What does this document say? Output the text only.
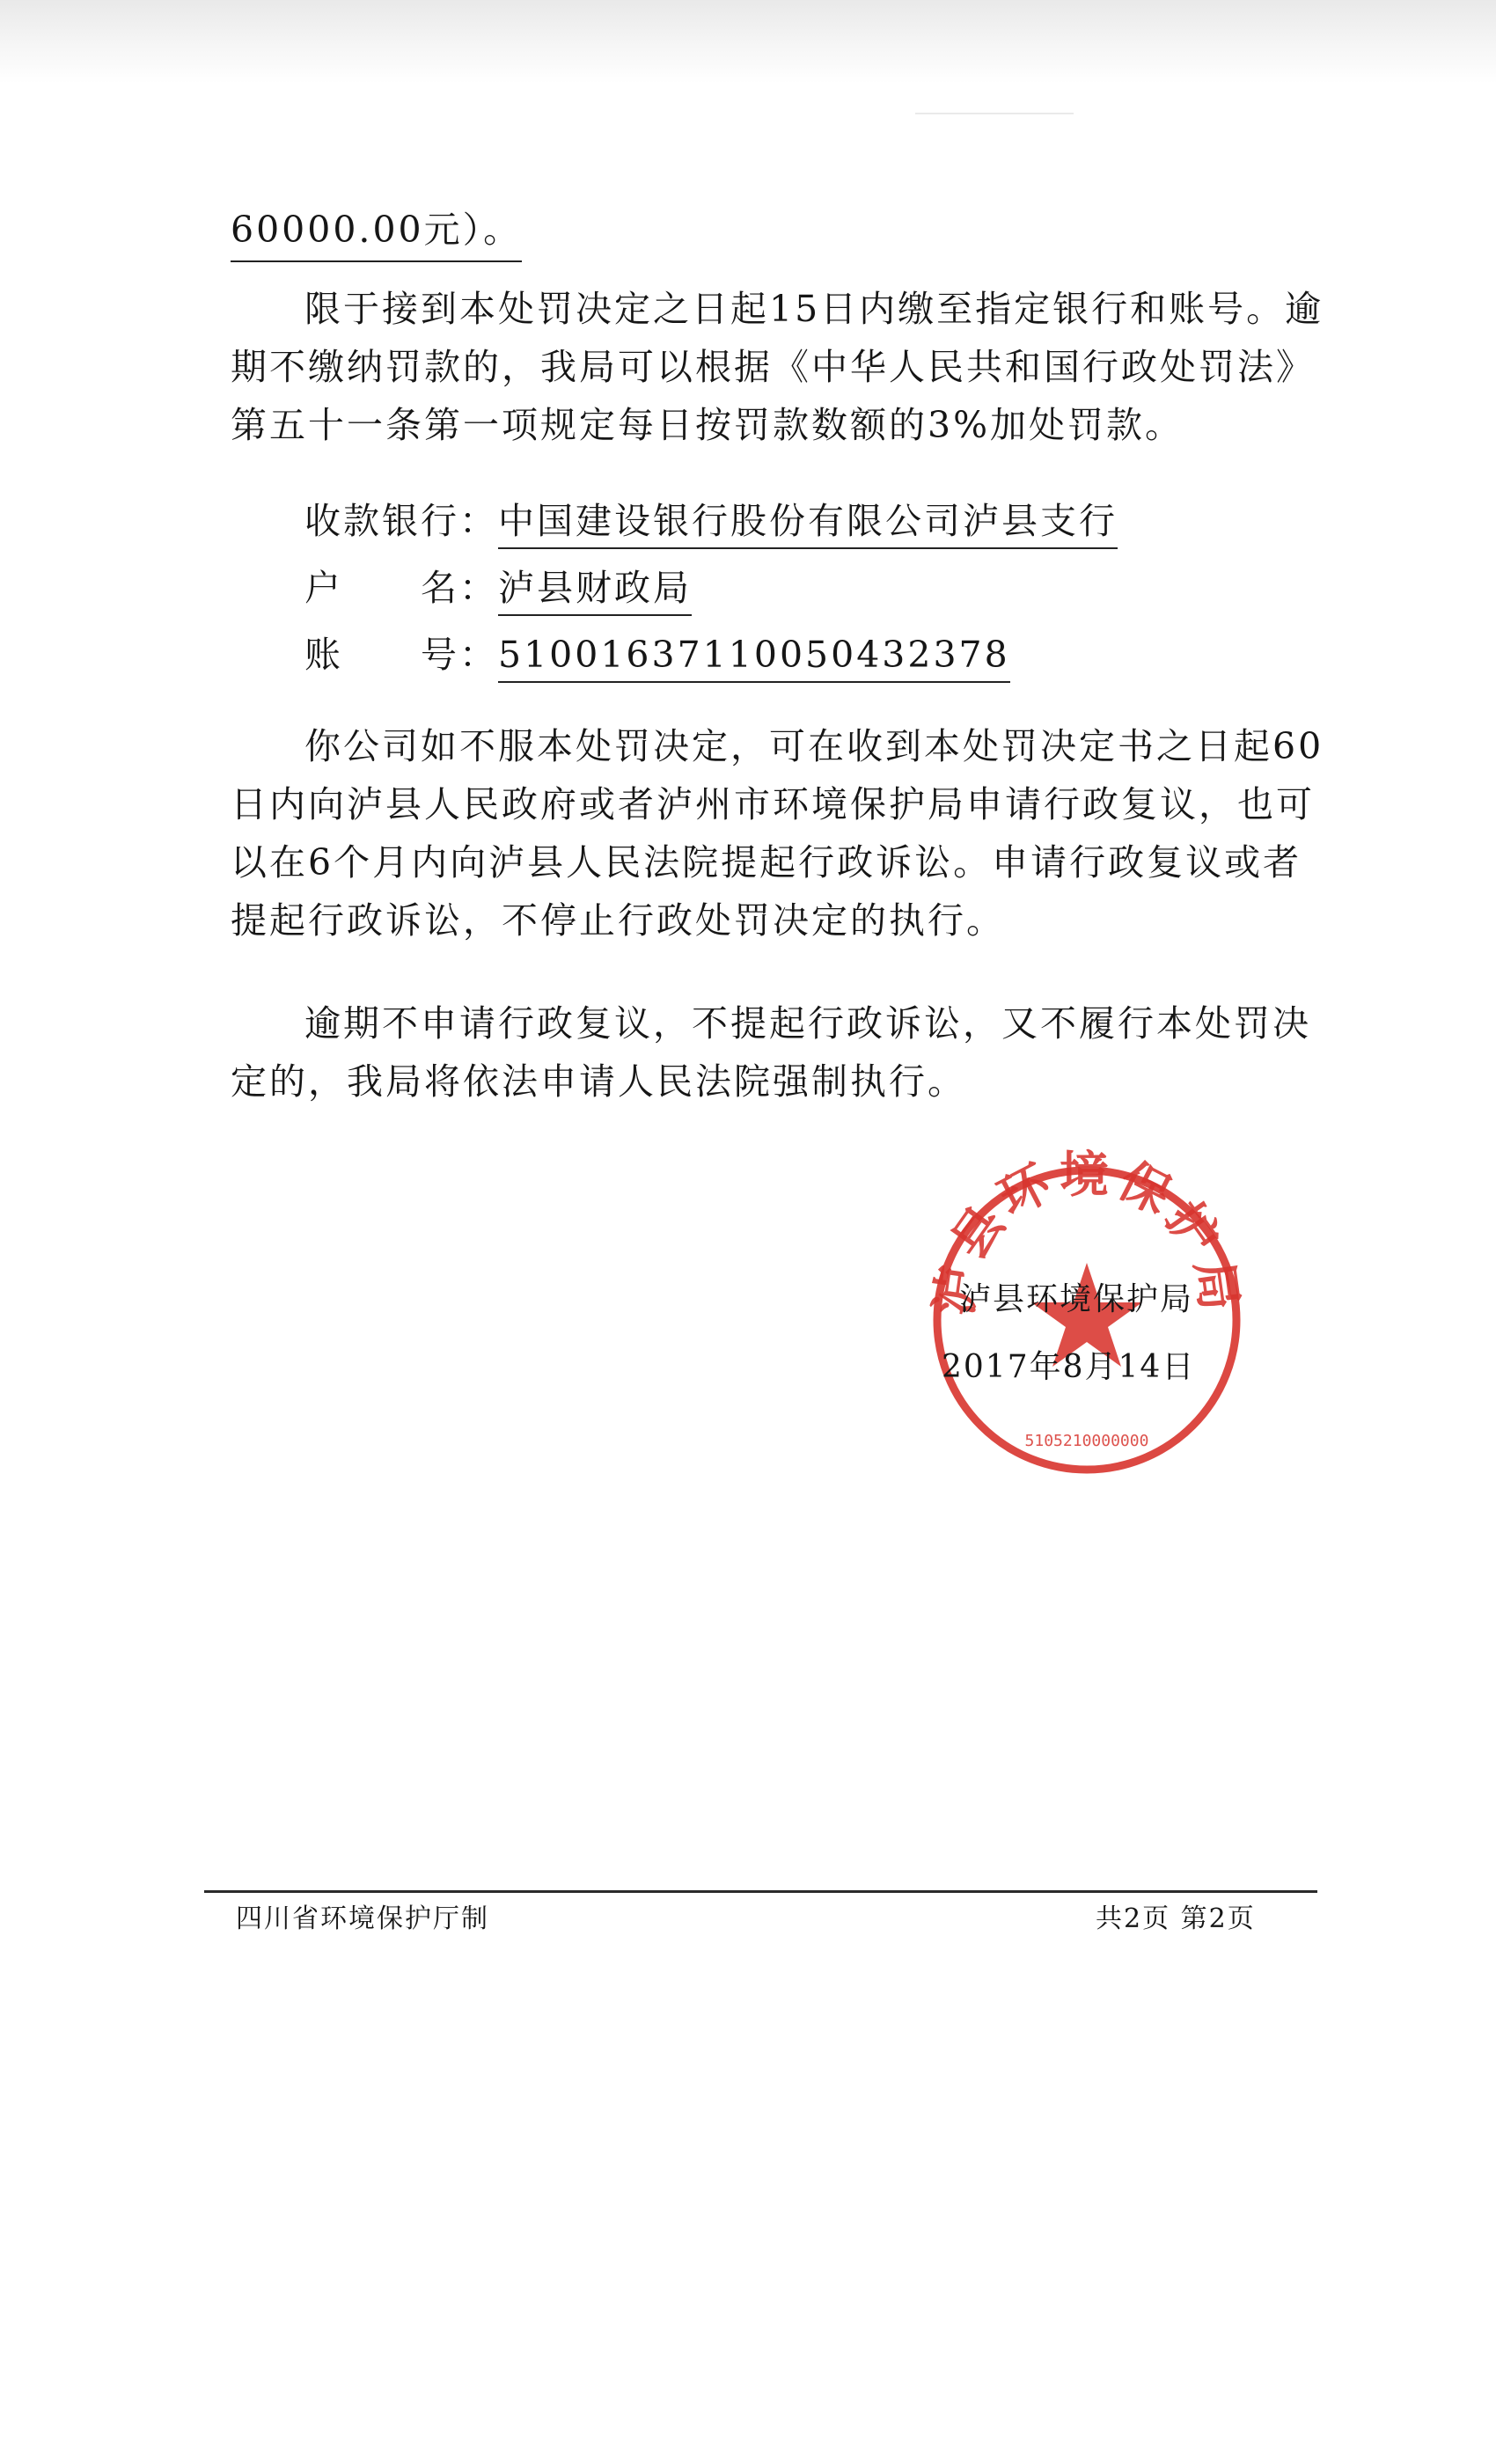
60000.00元）。

限于接到本处罚决定之日起15日内缴至指定银行和账号。逾
期不缴纳罚款的，我局可以根据《中华人民共和国行政处罚法》
第五十一条第一项规定每日按罚款数额的3%加处罚款。
收款银行：中国建设银行股份有限公司泸县支行
户　　名：泸县财政局
账　　号：51001637110050432378
你公司如不服本处罚决定，可在收到本处罚决定书之日起60
日内向泸县人民政府或者泸州市环境保护局申请行政复议，也可
以在6个月内向泸县人民法院提起行政诉讼。申请行政复议或者
提起行政诉讼，不停止行政处罚决定的执行。
逾期不申请行政复议，不提起行政诉讼，又不履行本处罚决
定的，我局将依法申请人民法院强制执行。
泸县环境保护局
5105210000000
泸县环境保护局
2017年8月14日
四川省环境保护厅制	共2页 第2页
